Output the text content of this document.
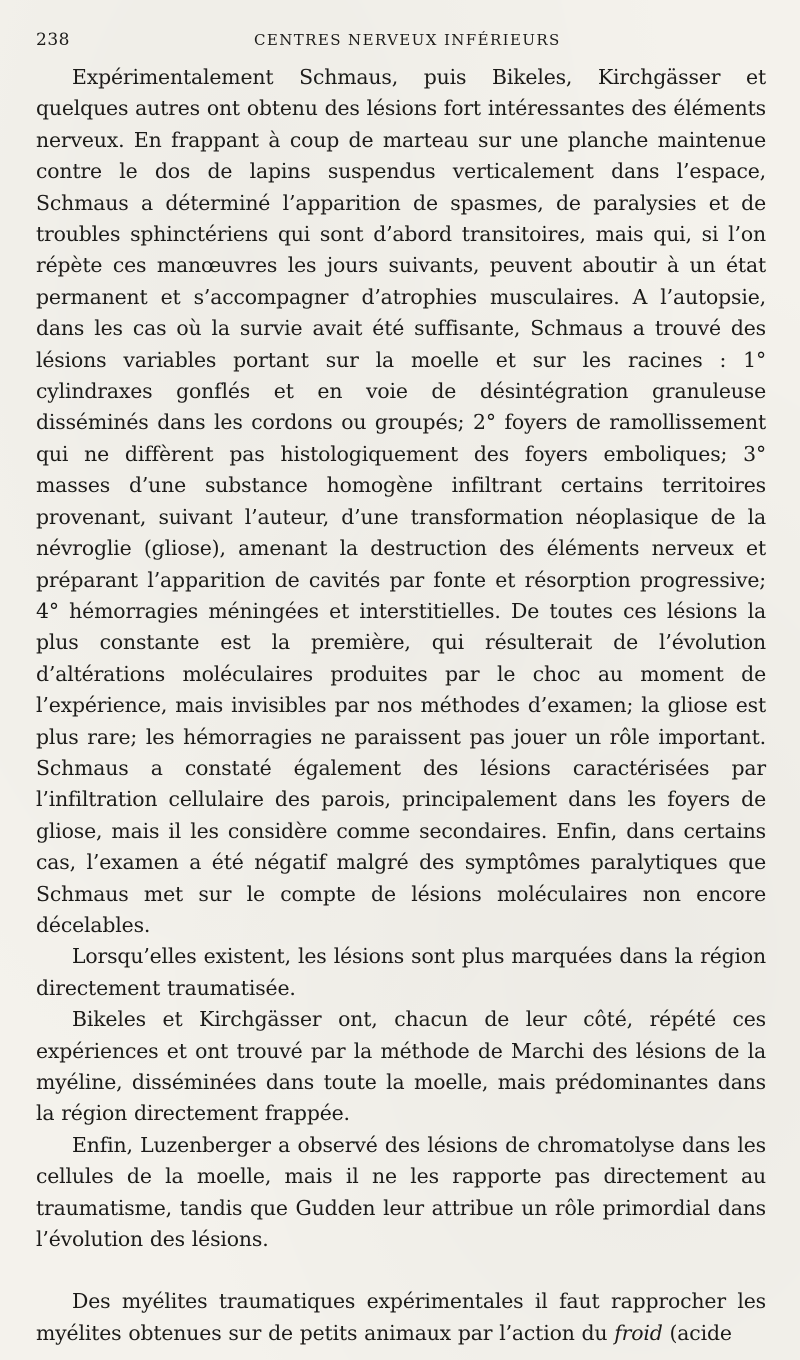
238	CENTRES NERVEUX INFÉRIEURS

Expérimentalement Schmaus, puis Bikeles, Kirchgässer et quelques autres ont obtenu des lésions fort intéressantes des éléments nerveux. En frappant à coup de marteau sur une planche maintenue contre le dos de lapins suspendus verticalement dans l’espace, Schmaus a déterminé l’apparition de spasmes, de paralysies et de troubles sphinctériens qui sont d’abord transitoires, mais qui, si l’on répète ces manœuvres les jours suivants, peuvent aboutir à un état permanent et s’accompagner d’atrophies musculaires. A l’autopsie, dans les cas où la survie avait été suffisante, Schmaus a trouvé des lésions variables portant sur la moelle et sur les racines : 1° cylindraxes gonflés et en voie de désintégration granuleuse disséminés dans les cordons ou groupés; 2° foyers de ramollissement qui ne diffèrent pas histologiquement des foyers emboliques; 3° masses d’une substance homogène infiltrant certains territoires provenant, suivant l’auteur, d’une transformation néoplasique de la névroglie (gliose), amenant la destruction des éléments nerveux et préparant l’apparition de cavités par fonte et résorption progressive; 4° hémorragies méningées et interstitielles. De toutes ces lésions la plus constante est la première, qui résulterait de l’évolution d’altérations moléculaires produites par le choc au moment de l’expérience, mais invisibles par nos méthodes d’examen; la gliose est plus rare; les hémorragies ne paraissent pas jouer un rôle important. Schmaus a constaté également des lésions caractérisées par l’infiltration cellulaire des parois, principalement dans les foyers de gliose, mais il les considère comme secondaires. Enfin, dans certains cas, l’examen a été négatif malgré des symptômes paralytiques que Schmaus met sur le compte de lésions moléculaires non encore décelables.

Lorsqu’elles existent, les lésions sont plus marquées dans la région directement traumatisée.

Bikeles et Kirchgässer ont, chacun de leur côté, répété ces expériences et ont trouvé par la méthode de Marchi des lésions de la myéline, disséminées dans toute la moelle, mais prédominantes dans la région directement frappée.

Enfin, Luzenberger a observé des lésions de chromatolyse dans les cellules de la moelle, mais il ne les rapporte pas directement au traumatisme, tandis que Gudden leur attribue un rôle primordial dans l’évolution des lésions.

Des myélites traumatiques expérimentales il faut rapprocher les myélites obtenues sur de petits animaux par l’action du froid (acide
